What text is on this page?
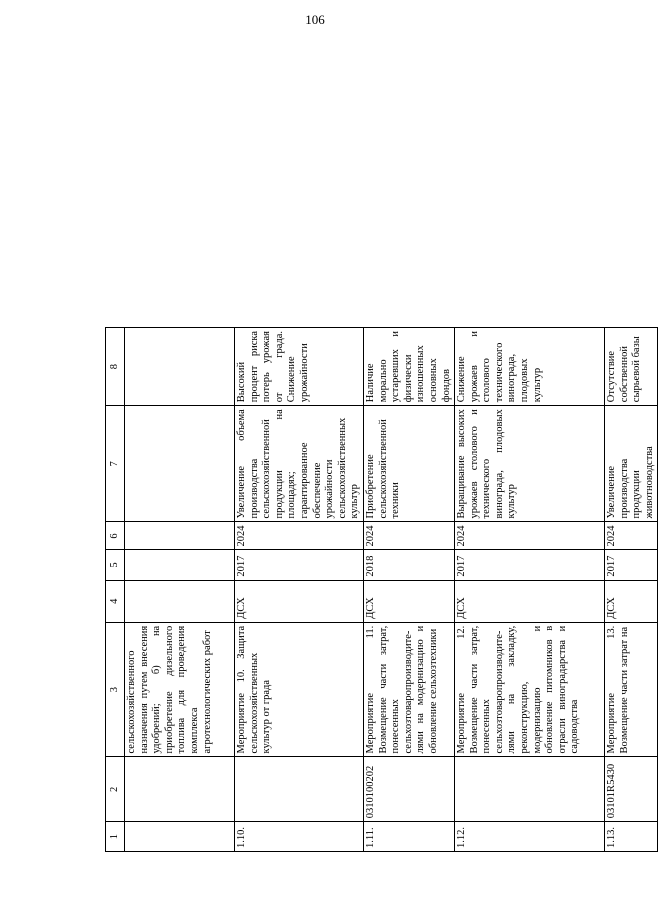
106
1	2	3	4	5	6	7	8
		сельскохозяйственного назначения путем внесения удобрений; б) на приобретение дизельного топлива для проведения комплекса агротехнологических работ					
1.10.		Мероприятие 10. Защита сельскохозяйственных культур от града	ДСХ	2017	2024	Увеличение объема производства сельскохозяйственной продукции на площадях; гарантированное обеспечение урожайности сельскохозяйственных культур	Высокий процент риска потерь урожая от града. Снижение урожайности
1.11.	0310100202	Мероприятие 11. Возмещение части затрат, понесенных сельхозтоваропроизводите-лями на модернизацию и обновление сельхозтехники	ДСХ	2018	2024	Приобретение сельскохозяйственной техники	Наличие морально устаревших и физически изношенных основных фондов
1.12.		Мероприятие 12. Возмещение части затрат, понесенных сельхозтоваропроизводите-лями на закладку, реконструкцию, модернизацию и обновление питомников в отрасли виноградарства и садоводства	ДСХ	2017	2024	Выращивание высоких урожаев столового и технического винограда, плодовых культур	Снижение урожаев и столового технического винограда, плодовых культур
1.13.	03101R5430	Мероприятие 13. Возмещение части затрат на	ДСХ	2017	2024	Увеличение производства продукции животноводства	Отсутствие собственной сырьевой базы
